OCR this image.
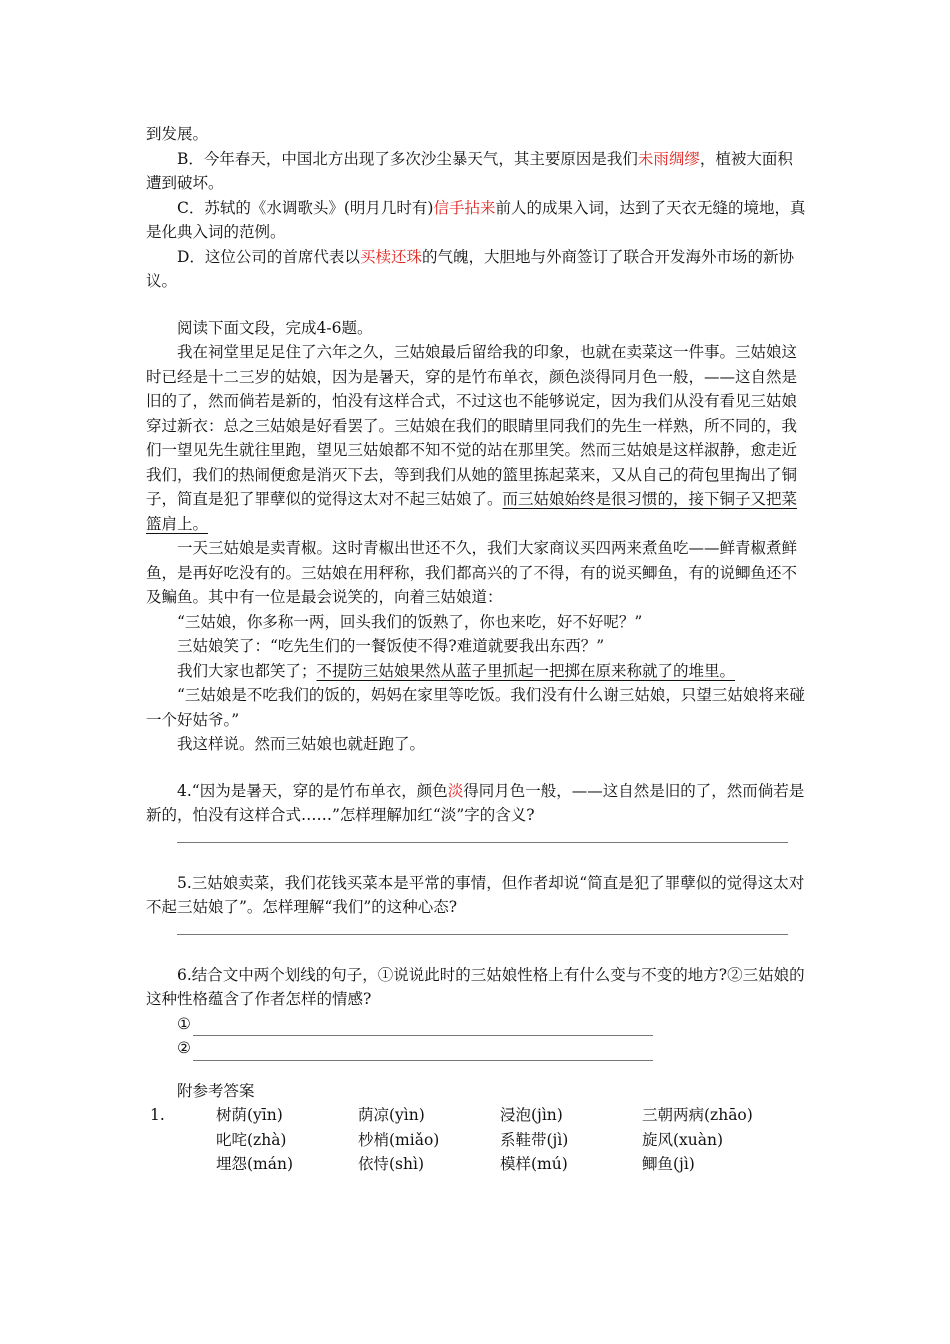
到发展。

B．今年春天，中国北方出现了多次沙尘暴天气，其主要原因是我们未雨绸缪，植被大面积遭到破坏。

C．苏轼的《水调歌头》(明月几时有)信手拈来前人的成果入词，达到了天衣无缝的境地，真是化典入词的范例。

D．这位公司的首席代表以买椟还珠的气魄，大胆地与外商签订了联合开发海外市场的新协议。

阅读下面文段，完成4-6题。

我在祠堂里足足住了六年之久，三姑娘最后留给我的印象，也就在卖菜这一件事。三姑娘这时已经是十二三岁的姑娘，因为是暑天，穿的是竹布单衣，颜色淡得同月色一般，——这自然是旧的了，然而倘若是新的，怕没有这样合式，不过这也不能够说定，因为我们从没有看见三姑娘穿过新衣：总之三姑娘是好看罢了。三姑娘在我们的眼睛里同我们的先生一样熟，所不同的，我们一望见先生就往里跑，望见三姑娘都不知不觉的站在那里笑。然而三姑娘是这样淑静，愈走近我们，我们的热闹便愈是消灭下去，等到我们从她的篮里拣起菜来，又从自己的荷包里掏出了铜子，简直是犯了罪孽似的觉得这太对不起三姑娘了。而三姑娘始终是很习惯的，接下铜子又把菜篮肩上。

一天三姑娘是卖青椒。这时青椒出世还不久，我们大家商议买四两来煮鱼吃——鲜青椒煮鲜鱼，是再好吃没有的。三姑娘在用秤称，我们都高兴的了不得，有的说买鲫鱼，有的说鲫鱼还不及鳊鱼。其中有一位是最会说笑的，向着三姑娘道：

“三姑娘，你多称一两，回头我们的饭熟了，你也来吃，好不好呢？”

三姑娘笑了：“吃先生们的一餐饭使不得?难道就要我出东西？”

我们大家也都笑了；不提防三姑娘果然从蓝子里抓起一把掷在原来称就了的堆里。

“三姑娘是不吃我们的饭的，妈妈在家里等吃饭。我们没有什么谢三姑娘，只望三姑娘将来碰一个好姑爷。”

我这样说。然而三姑娘也就赶跑了。

4.“因为是暑天，穿的是竹布单衣，颜色淡得同月色一般，——这自然是旧的了，然而倘若是新的，怕没有这样合式……”怎样理解加红“淡”字的含义?

5.三姑娘卖菜，我们花钱买菜本是平常的事情，但作者却说“简直是犯了罪孽似的觉得这太对不起三姑娘了”。怎样理解“我们”的这种心态?

6.结合文中两个划线的句子，①说说此时的三姑娘性格上有什么变与不变的地方?②三姑娘的这种性格蕴含了作者怎样的情感?

①

②

附参考答案

1.	树荫(yīn)	荫凉(yìn)	浸泡(jìn)	三朝两病(zhāo)
叱咤(zhà)	杪梢(miǎo)	系鞋带(jì)	旋风(xuàn)
埋怨(mán)	依恃(shì)	模样(mú)	鲫鱼(jì)
